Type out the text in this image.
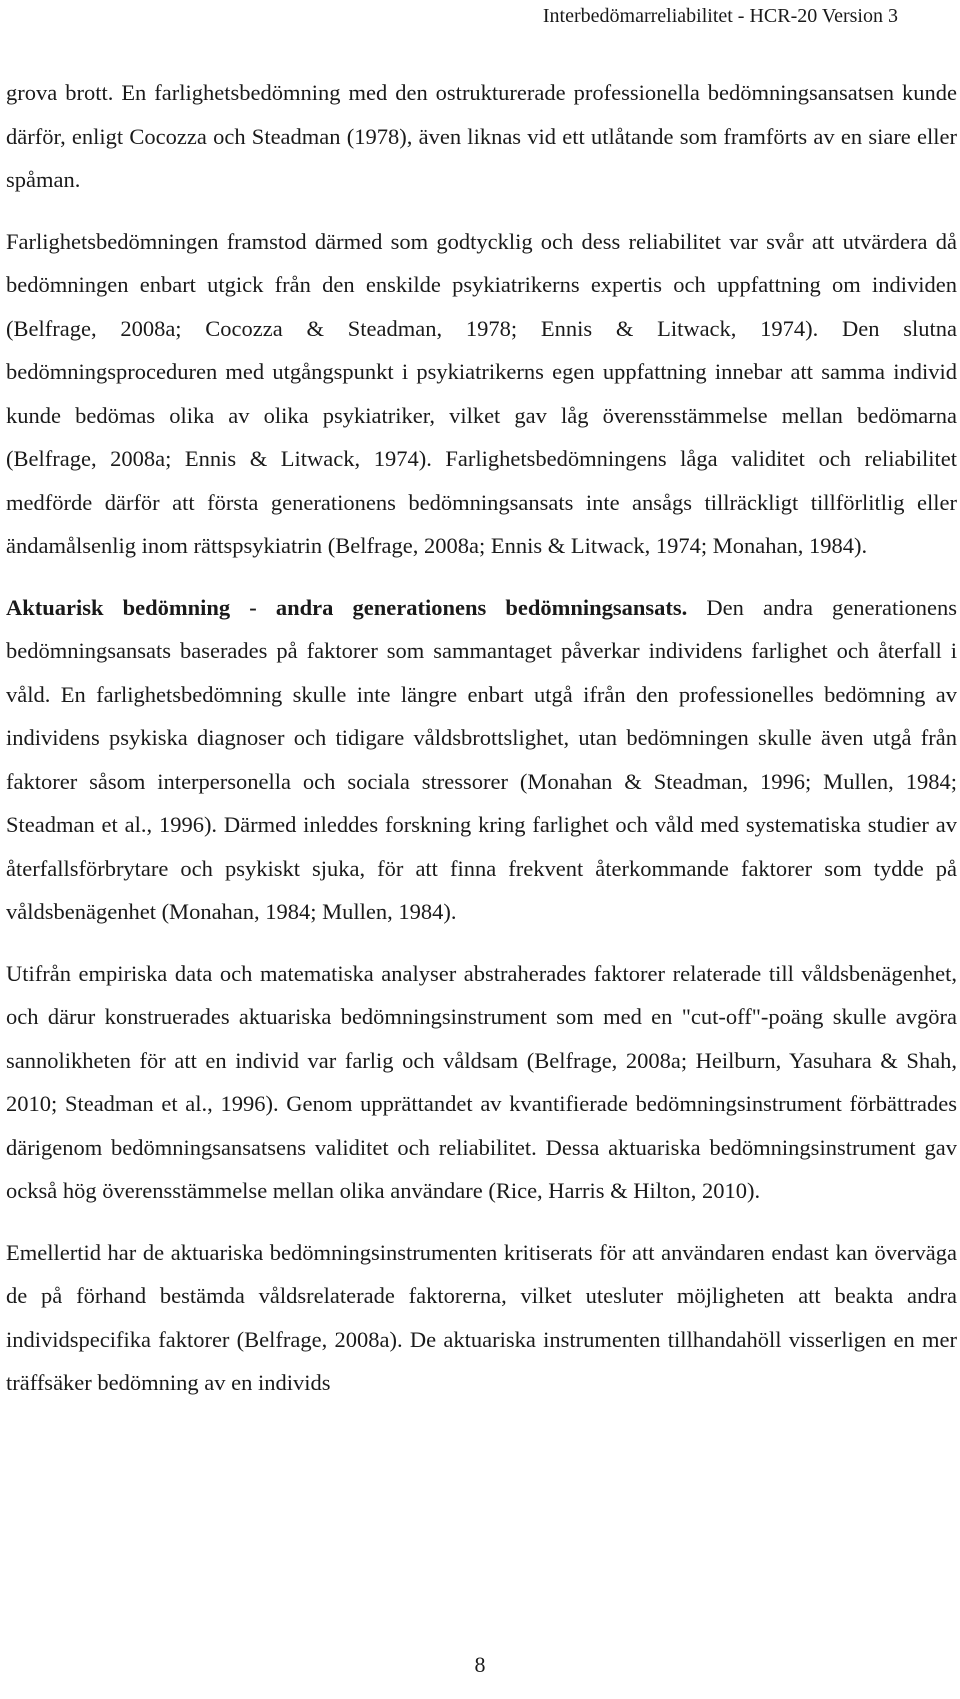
Interbedömarreliabilitet - HCR-20 Version 3

grova brott. En farlighetsbedömning med den ostrukturerade professionella bedömningsansatsen kunde därför, enligt Cocozza och Steadman (1978), även liknas vid ett utlåtande som framförts av en siare eller spåman.

Farlighetsbedömningen framstod därmed som godtycklig och dess reliabilitet var svår att utvärdera då bedömningen enbart utgick från den enskilde psykiatrikerns expertis och uppfattning om individen (Belfrage, 2008a; Cocozza & Steadman, 1978; Ennis & Litwack, 1974). Den slutna bedömningsproceduren med utgångspunkt i psykiatrikerns egen uppfattning innebar att samma individ kunde bedömas olika av olika psykiatriker, vilket gav låg överensstämmelse mellan bedömarna (Belfrage, 2008a; Ennis & Litwack, 1974). Farlighetsbedömningens låga validitet och reliabilitet medförde därför att första generationens bedömningsansats inte ansågs tillräckligt tillförlitlig eller ändamålsenlig inom rättspsykiatrin (Belfrage, 2008a; Ennis & Litwack, 1974; Monahan, 1984).

Aktuarisk bedömning - andra generationens bedömningsansats. Den andra generationens bedömningsansats baserades på faktorer som sammantaget påverkar individens farlighet och återfall i våld. En farlighetsbedömning skulle inte längre enbart utgå ifrån den professionelles bedömning av individens psykiska diagnoser och tidigare våldsbrottslighet, utan bedömningen skulle även utgå från faktorer såsom interpersonella och sociala stressorer (Monahan & Steadman, 1996; Mullen, 1984; Steadman et al., 1996). Därmed inleddes forskning kring farlighet och våld med systematiska studier av återfallsförbrytare och psykiskt sjuka, för att finna frekvent återkommande faktorer som tydde på våldsbenägenhet (Monahan, 1984; Mullen, 1984).

Utifrån empiriska data och matematiska analyser abstraherades faktorer relaterade till våldsbenägenhet, och därur konstruerades aktuariska bedömningsinstrument som med en "cut-off"-poäng skulle avgöra sannolikheten för att en individ var farlig och våldsam (Belfrage, 2008a; Heilburn, Yasuhara & Shah, 2010; Steadman et al., 1996). Genom upprättandet av kvantifierade bedömningsinstrument förbättrades därigenom bedömningsansatsens validitet och reliabilitet. Dessa aktuariska bedömningsinstrument gav också hög överensstämmelse mellan olika användare (Rice, Harris & Hilton, 2010).

Emellertid har de aktuariska bedömningsinstrumenten kritiserats för att användaren endast kan överväga de på förhand bestämda våldsrelaterade faktorerna, vilket utesluter möjligheten att beakta andra individspecifika faktorer (Belfrage, 2008a). De aktuariska instrumenten tillhandahöll visserligen en mer träffsäker bedömning av en individs

8
